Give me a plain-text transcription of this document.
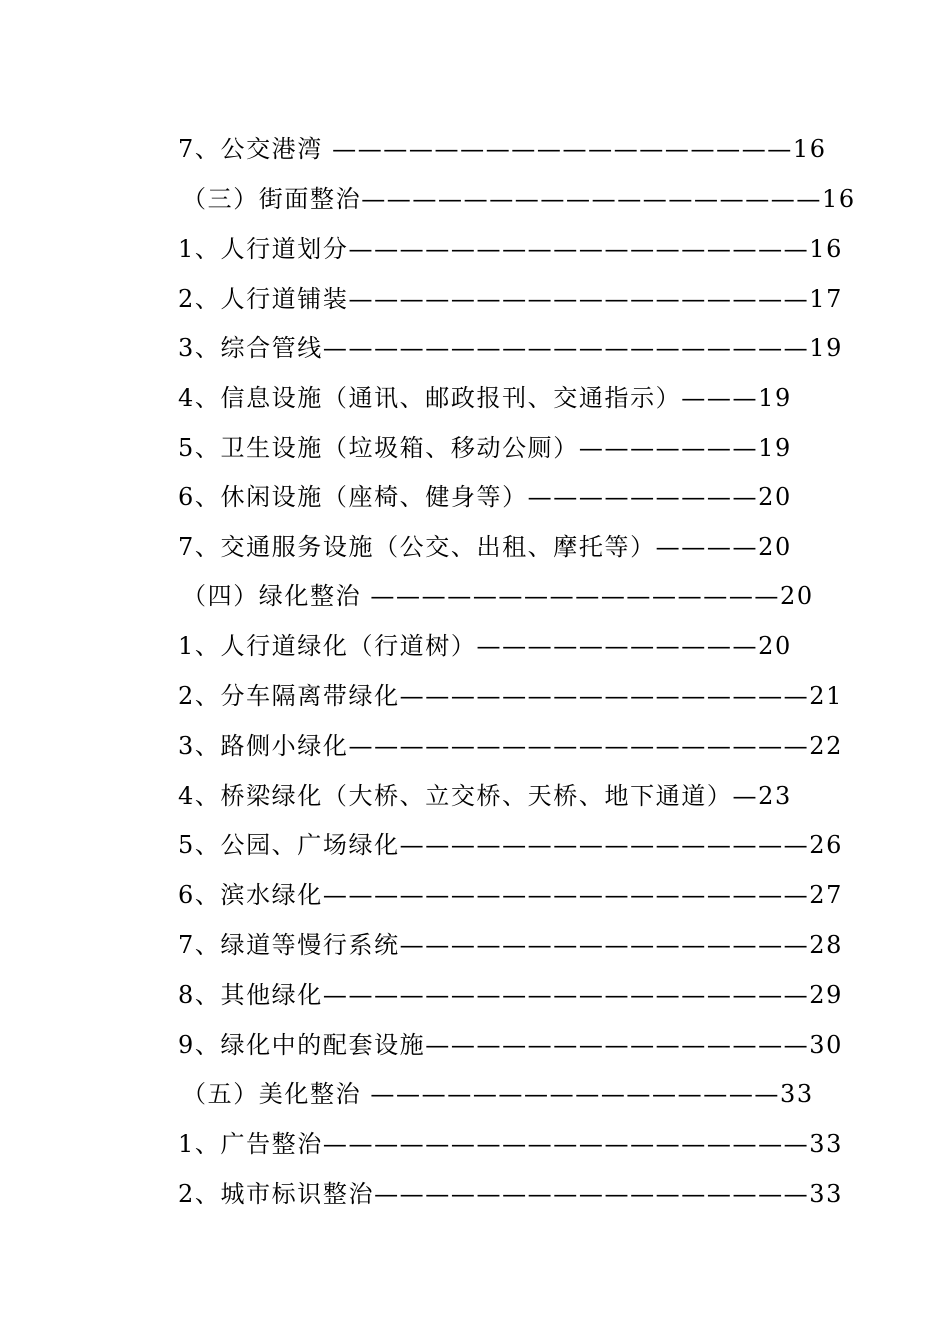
7、公交港湾 ——————————————————16
（三）街面整治——————————————————16
1、人行道划分——————————————————16
2、人行道铺装——————————————————17
3、综合管线———————————————————19
4、信息设施（通讯、邮政报刊、交通指示）———19
5、卫生设施（垃圾箱、移动公厕）———————19
6、休闲设施（座椅、健身等）—————————20
7、交通服务设施（公交、出租、摩托等）————20
（四）绿化整治 ————————————————20
1、人行道绿化（行道树）———————————20
2、分车隔离带绿化————————————————21
3、路侧小绿化——————————————————22
4、桥梁绿化（大桥、立交桥、天桥、地下通道）—23
5、公园、广场绿化————————————————26
6、滨水绿化———————————————————27
7、绿道等慢行系统————————————————28
8、其他绿化———————————————————29
9、绿化中的配套设施———————————————30
（五）美化整治 ————————————————33
1、广告整治———————————————————33
2、城市标识整治—————————————————33
